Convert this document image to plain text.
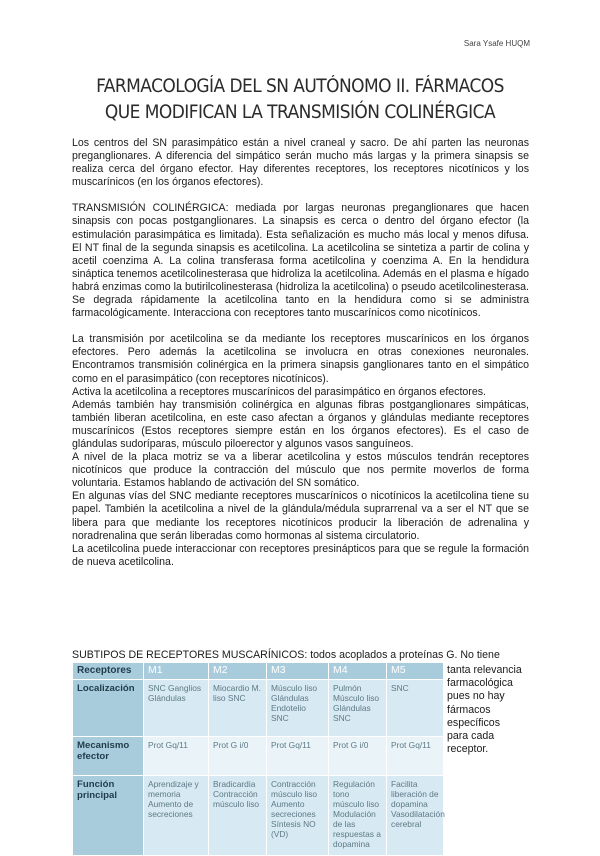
Sara Ysafe HUQM
FARMACOLOGÍA DEL SN AUTÓNOMO II. FÁRMACOS QUE MODIFICAN LA TRANSMISIÓN COLINÉRGICA

Los centros del SN parasimpático están a nivel craneal y sacro. De ahí parten las neuronas preganglionares. A diferencia del simpático serán mucho más largas y la primera sinapsis se realiza cerca del órgano efector. Hay diferentes receptores, los receptores nicotínicos y los muscarínicos (en los órganos efectores).

TRANSMISIÓN COLINÉRGICA: mediada por largas neuronas preganglionares que hacen sinapsis con pocas postganglionares. La sinapsis es cerca o dentro del órgano efector (la estimulación parasimpática es limitada). Esta señalización es mucho más local y menos difusa. El NT final de la segunda sinapsis es acetilcolina. La acetilcolina se sintetiza a partir de colina y acetil coenzima A. La colina transferasa forma acetilcolina y coenzima A. En la hendidura sináptica tenemos acetilcolinesterasa que hidroliza la acetilcolina. Además en el plasma e hígado habrá enzimas como la butirilcolinesterasa (hidroliza la acetilcolina) o pseudo acetilcolinesterasa. Se degrada rápidamente la acetilcolina tanto en la hendidura como si se administra farmacológicamente. Interacciona con receptores tanto muscarínicos como nicotínicos.

La transmisión por acetilcolina se da mediante los receptores muscarínicos en los órganos efectores. Pero además la acetilcolina se involucra en otras conexiones neuronales. Encontramos transmisión colinérgica en la primera sinapsis ganglionares tanto en el simpático como en el parasimpático (con receptores nicotínicos).

Activa la acetilcolina a receptores muscarínicos del parasimpático en órganos efectores.

Además también hay transmisión colinérgica en algunas fibras postganglionares simpáticas, también liberan acetilcolina, en este caso afectan a órganos y glándulas mediante receptores muscarínicos (Estos receptores siempre están en los órganos efectores). Es el caso de glándulas sudoríparas, músculo piloerector y algunos vasos sanguíneos.

A nivel de la placa motriz se va a liberar acetilcolina y estos músculos tendrán receptores nicotínicos que produce la contracción del músculo que nos permite moverlos de forma voluntaria. Estamos hablando de activación del SN somático.

En algunas vías del SNC mediante receptores muscarínicos o nicotínicos la acetilcolina tiene su papel. También la acetilcolina a nivel de la glándula/médula suprarrenal va a ser el NT que se libera para que mediante los receptores nicotínicos producir la liberación de adrenalina y noradrenalina que serán liberadas como hormonas al sistema circulatorio.

La acetilcolina puede interaccionar con receptores presinápticos para que se regule la formación de nueva acetilcolina.

SUBTIPOS DE RECEPTORES MUSCARÍNICOS: todos acoplados a proteínas G. No tiene
Receptores	M1	M2	M3	M4	M5
Localización	SNC Ganglios Glándulas	Miocardio M. liso SNC	Músculo liso Glándulas Endotelio SNC	Pulmón Músculo liso Glándulas SNC	SNC
Mecanismo efector	Prot Gq/11	Prot G i/0	Prot Gq/11	Prot G i/0	Prot Gq/11
Función principal	Aprendizaje y memoria Aumento de secreciones	Bradicardia Contracción músculo liso	Contracción músculo liso Aumento secreciones Síntesis NO (VD)	Regulación tono músculo liso Modulación de las respuestas a dopamina	Facilita liberación de dopamina Vasodilatación cerebral
tanta relevancia
farmacológica
pues no hay
fármacos
específicos
para cada
receptor.
